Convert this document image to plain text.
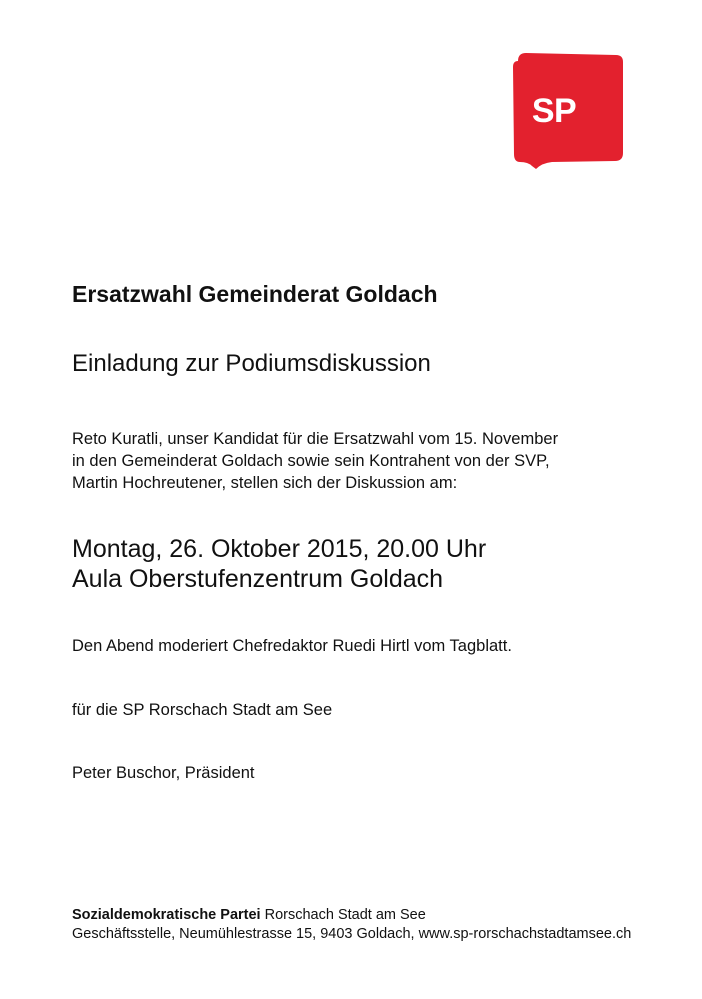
SP
Ersatzwahl Gemeinderat Goldach
Einladung zur Podiumsdiskussion
Reto Kuratli, unser Kandidat für die Ersatzwahl vom 15. November
in den Gemeinderat Goldach sowie sein Kontrahent von der SVP,
Martin Hochreutener, stellen sich der Diskussion am:
Montag, 26. Oktober 2015, 20.00 Uhr
Aula Oberstufenzentrum Goldach
Den Abend moderiert Chefredaktor Ruedi Hirtl vom Tagblatt.
für die SP Rorschach Stadt am See
Peter Buschor, Präsident
Sozialdemokratische Partei Rorschach Stadt am See
Geschäftsstelle, Neumühlestrasse 15, 9403 Goldach, www.sp-rorschachstadtamsee.ch
